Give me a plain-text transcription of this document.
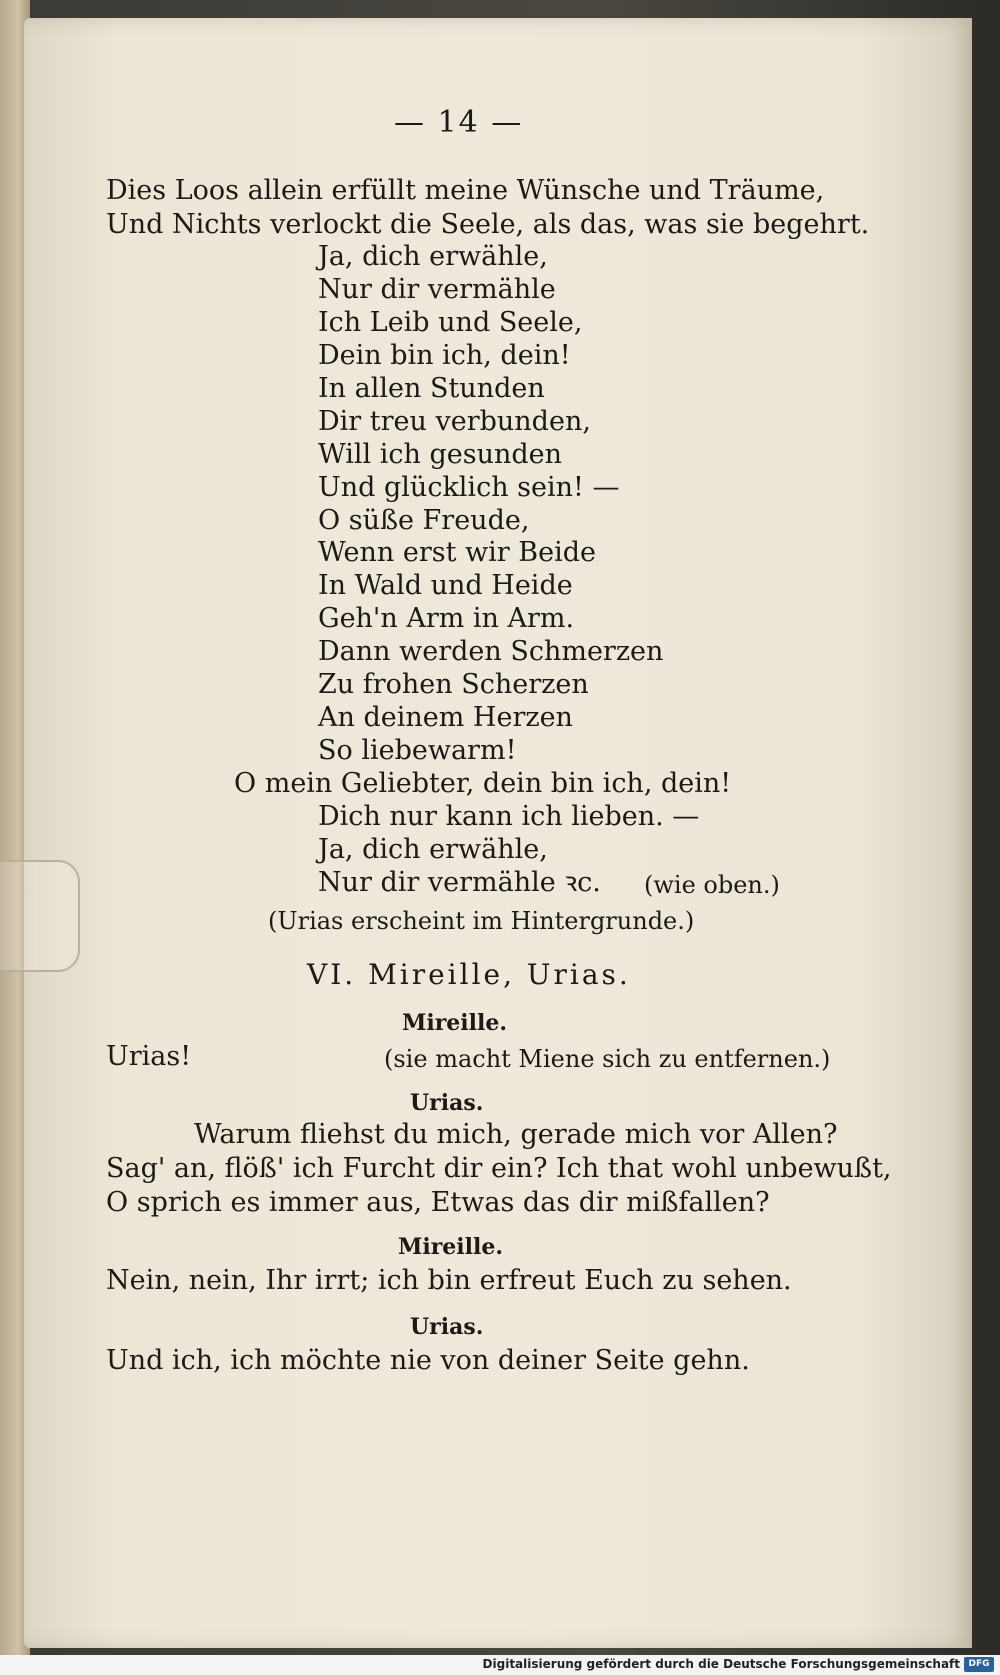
— 14 —
Dies Loos allein erfüllt meine Wünsche und Träume,
Und Nichts verlockt die Seele, als das, was sie begehrt.
Ja, dich erwähle,
Nur dir vermähle
Ich Leib und Seele,
Dein bin ich, dein!
In allen Stunden
Dir treu verbunden,
Will ich gesunden
Und glücklich sein! —
O süße Freude,
Wenn erst wir Beide
In Wald und Heide
Geh'n Arm in Arm.
Dann werden Schmerzen
Zu frohen Scherzen
An deinem Herzen
So liebewarm!
O mein Geliebter, dein bin ich, dein!
Dich nur kann ich lieben. —
Ja, dich erwähle,
Nur dir vermähle ꝛc. (wie oben.)
(Urias erscheint im Hintergrunde.)
VI. Mireille, Urias.
Mireille.
Urias!	(sie macht Miene sich zu entfernen.)
Urias.
Warum fliehst du mich, gerade mich vor Allen?
Sag' an, flöß' ich Furcht dir ein? Ich that wohl unbewußt,
O sprich es immer aus, Etwas das dir mißfallen?
Mireille.
Nein, nein, Ihr irrt; ich bin erfreut Euch zu sehen.
Urias.
Und ich, ich möchte nie von deiner Seite gehn.
Digitalisierung gefördert durch die Deutsche Forschungsgemeinschaft DFG
